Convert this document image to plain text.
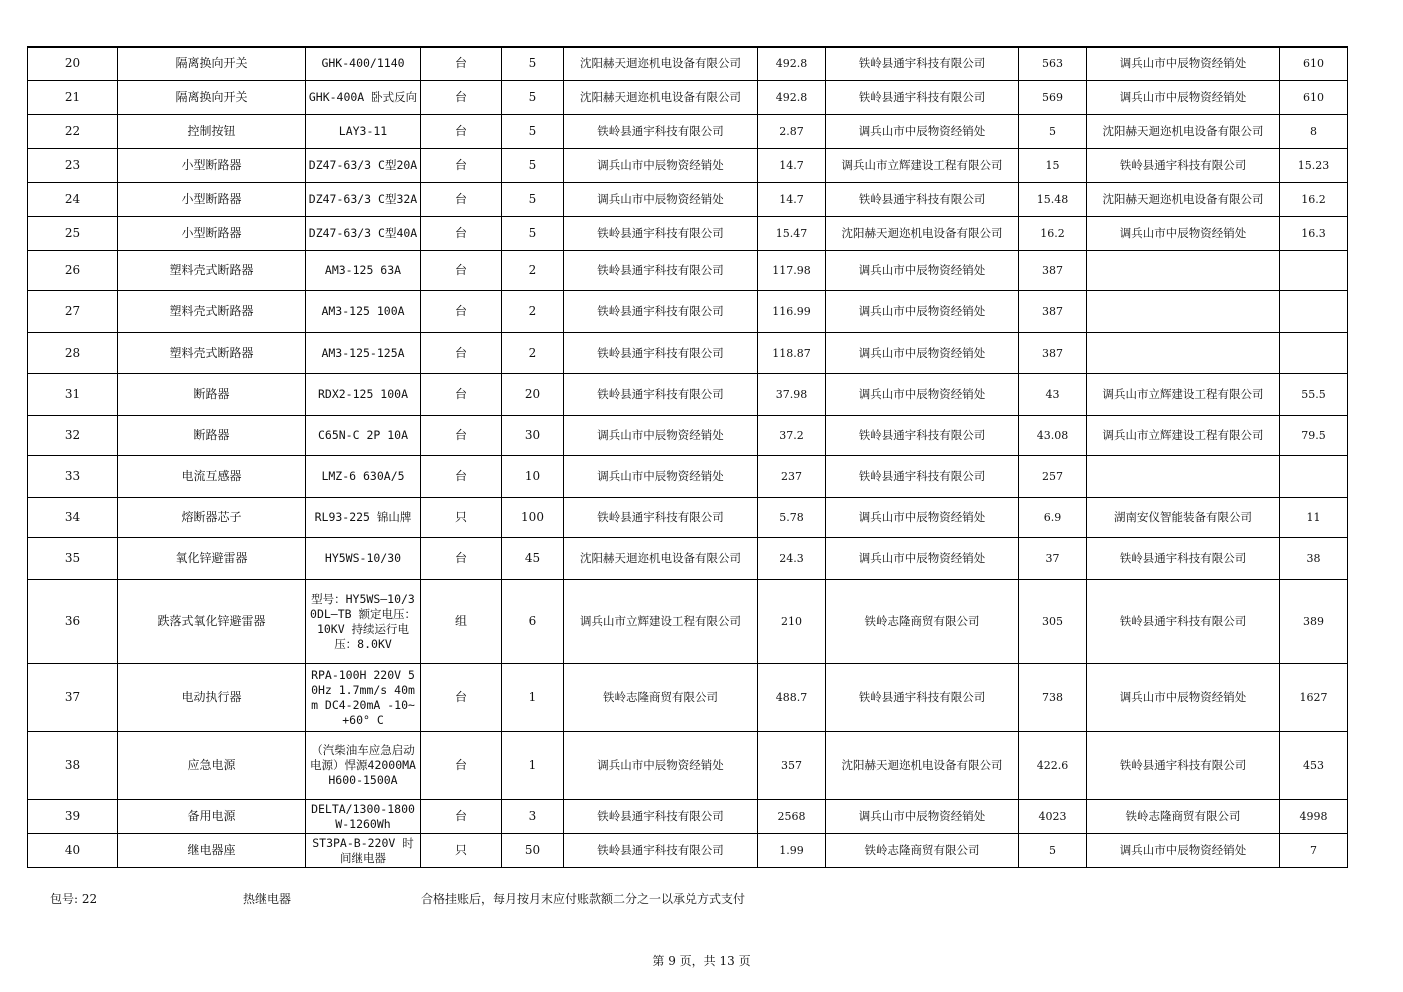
20	隔离换向开关	GHK-400/1140	台	5	沈阳赫天迴迩机电设备有限公司	492.8	铁岭县通宇科技有限公司	563	调兵山市中辰物资经销处	610
21	隔离换向开关	GHK-400A 卧式反向	台	5	沈阳赫天迴迩机电设备有限公司	492.8	铁岭县通宇科技有限公司	569	调兵山市中辰物资经销处	610
22	控制按钮	LAY3-11	台	5	铁岭县通宇科技有限公司	2.87	调兵山市中辰物资经销处	5	沈阳赫天迴迩机电设备有限公司	8
23	小型断路器	DZ47-63/3 C型20A	台	5	调兵山市中辰物资经销处	14.7	调兵山市立辉建设工程有限公司	15	铁岭县通宇科技有限公司	15.23
24	小型断路器	DZ47-63/3 C型32A	台	5	调兵山市中辰物资经销处	14.7	铁岭县通宇科技有限公司	15.48	沈阳赫天迴迩机电设备有限公司	16.2
25	小型断路器	DZ47-63/3 C型40A	台	5	铁岭县通宇科技有限公司	15.47	沈阳赫天迴迩机电设备有限公司	16.2	调兵山市中辰物资经销处	16.3
26	塑料壳式断路器	AM3-125 63A	台	2	铁岭县通宇科技有限公司	117.98	调兵山市中辰物资经销处	387		
27	塑料壳式断路器	AM3-125 100A	台	2	铁岭县通宇科技有限公司	116.99	调兵山市中辰物资经销处	387		
28	塑料壳式断路器	AM3-125-125A	台	2	铁岭县通宇科技有限公司	118.87	调兵山市中辰物资经销处	387		
31	断路器	RDX2-125 100A	台	20	铁岭县通宇科技有限公司	37.98	调兵山市中辰物资经销处	43	调兵山市立辉建设工程有限公司	55.5
32	断路器	C65N-C 2P 10A	台	30	调兵山市中辰物资经销处	37.2	铁岭县通宇科技有限公司	43.08	调兵山市立辉建设工程有限公司	79.5
33	电流互感器	LMZ-6 630A/5	台	10	调兵山市中辰物资经销处	237	铁岭县通宇科技有限公司	257		
34	熔断器芯子	RL93-225 锦山牌	只	100	铁岭县通宇科技有限公司	5.78	调兵山市中辰物资经销处	6.9	湖南安仪智能装备有限公司	11
35	氧化锌避雷器	HY5WS-10/30	台	45	沈阳赫天迴迩机电设备有限公司	24.3	调兵山市中辰物资经销处	37	铁岭县通宇科技有限公司	38
36	跌落式氧化锌避雷器	型号：HY5WS—10/30DL—TB 额定电压：10KV 持续运行电压：8.0KV	组	6	调兵山市立辉建设工程有限公司	210	铁岭志隆商贸有限公司	305	铁岭县通宇科技有限公司	389
37	电动执行器	RPA-100H 220V 50Hz 1.7mm/s 40mm DC4-20mA -10~+60° C	台	1	铁岭志隆商贸有限公司	488.7	铁岭县通宇科技有限公司	738	调兵山市中辰物资经销处	1627
38	应急电源	（汽柴油车应急启动电源）悍源42000MAH600-1500A	台	1	调兵山市中辰物资经销处	357	沈阳赫天迴迩机电设备有限公司	422.6	铁岭县通宇科技有限公司	453
39	备用电源	DELTA/1300-1800W-1260Wh	台	3	铁岭县通宇科技有限公司	2568	调兵山市中辰物资经销处	4023	铁岭志隆商贸有限公司	4998
40	继电器座	ST3PA-B-220V 时间继电器	只	50	铁岭县通宇科技有限公司	1.99	铁岭志隆商贸有限公司	5	调兵山市中辰物资经销处	7
包号: 22	热继电器	合格挂账后，每月按月末应付账款额二分之一以承兑方式支付
第 9 页，共 13 页
